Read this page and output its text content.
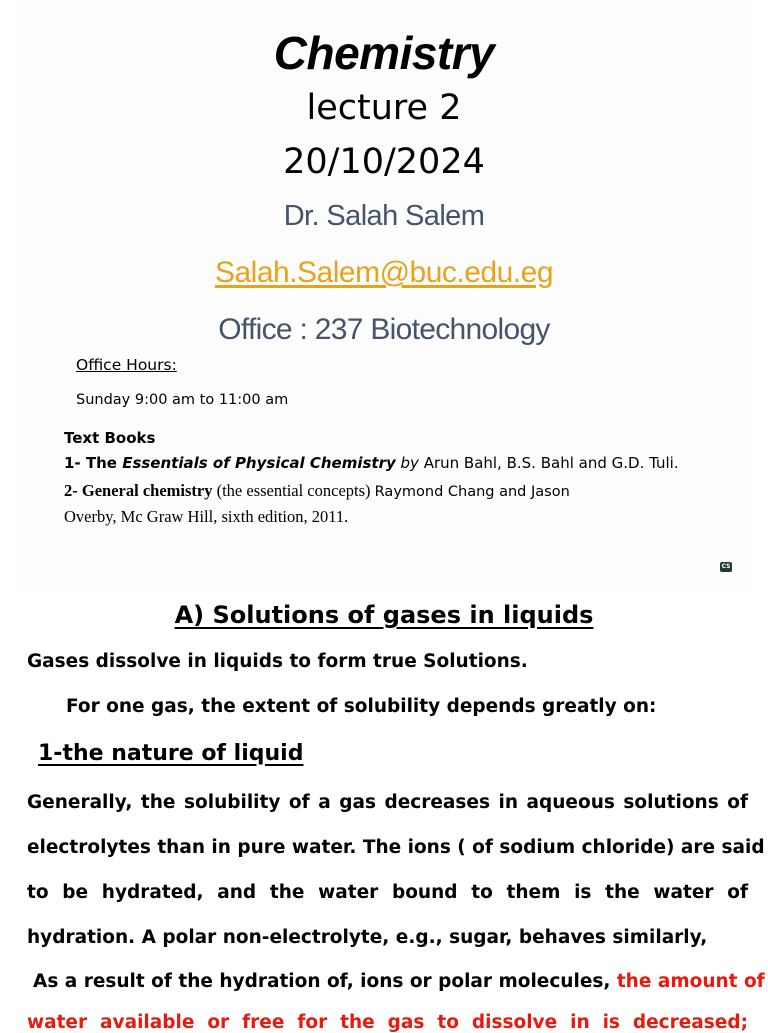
Chemistry
lecture 2
20/10/2024
Dr. Salah Salem
Salah.Salem@buc.edu.eg
Office : 237 Biotechnology
Office Hours:
Sunday 9:00 am to 11:00 am
Text Books
1- The Essentials of Physical Chemistry by Arun Bahl, B.S. Bahl and G.D. Tuli.
2- General chemistry (the essential concepts) Raymond Chang and Jason
Overby, Mc Graw Hill, sixth edition, 2011.
CS
A) Solutions of gases in liquids
Gases dissolve in liquids to form true Solutions.
For one gas, the extent of solubility depends greatly on:
1-the nature of liquid
Generally, the solubility of a gas decreases in aqueous solutions of
electrolytes than in pure water. The ions ( of sodium chloride) are said
to be hydrated, and the water bound to them is the water of
hydration. A polar non-electrolyte, e.g., sugar, behaves similarly,
As a result of the hydration of, ions or polar molecules, the amount of
water available or free for the gas to dissolve in is decreased;
